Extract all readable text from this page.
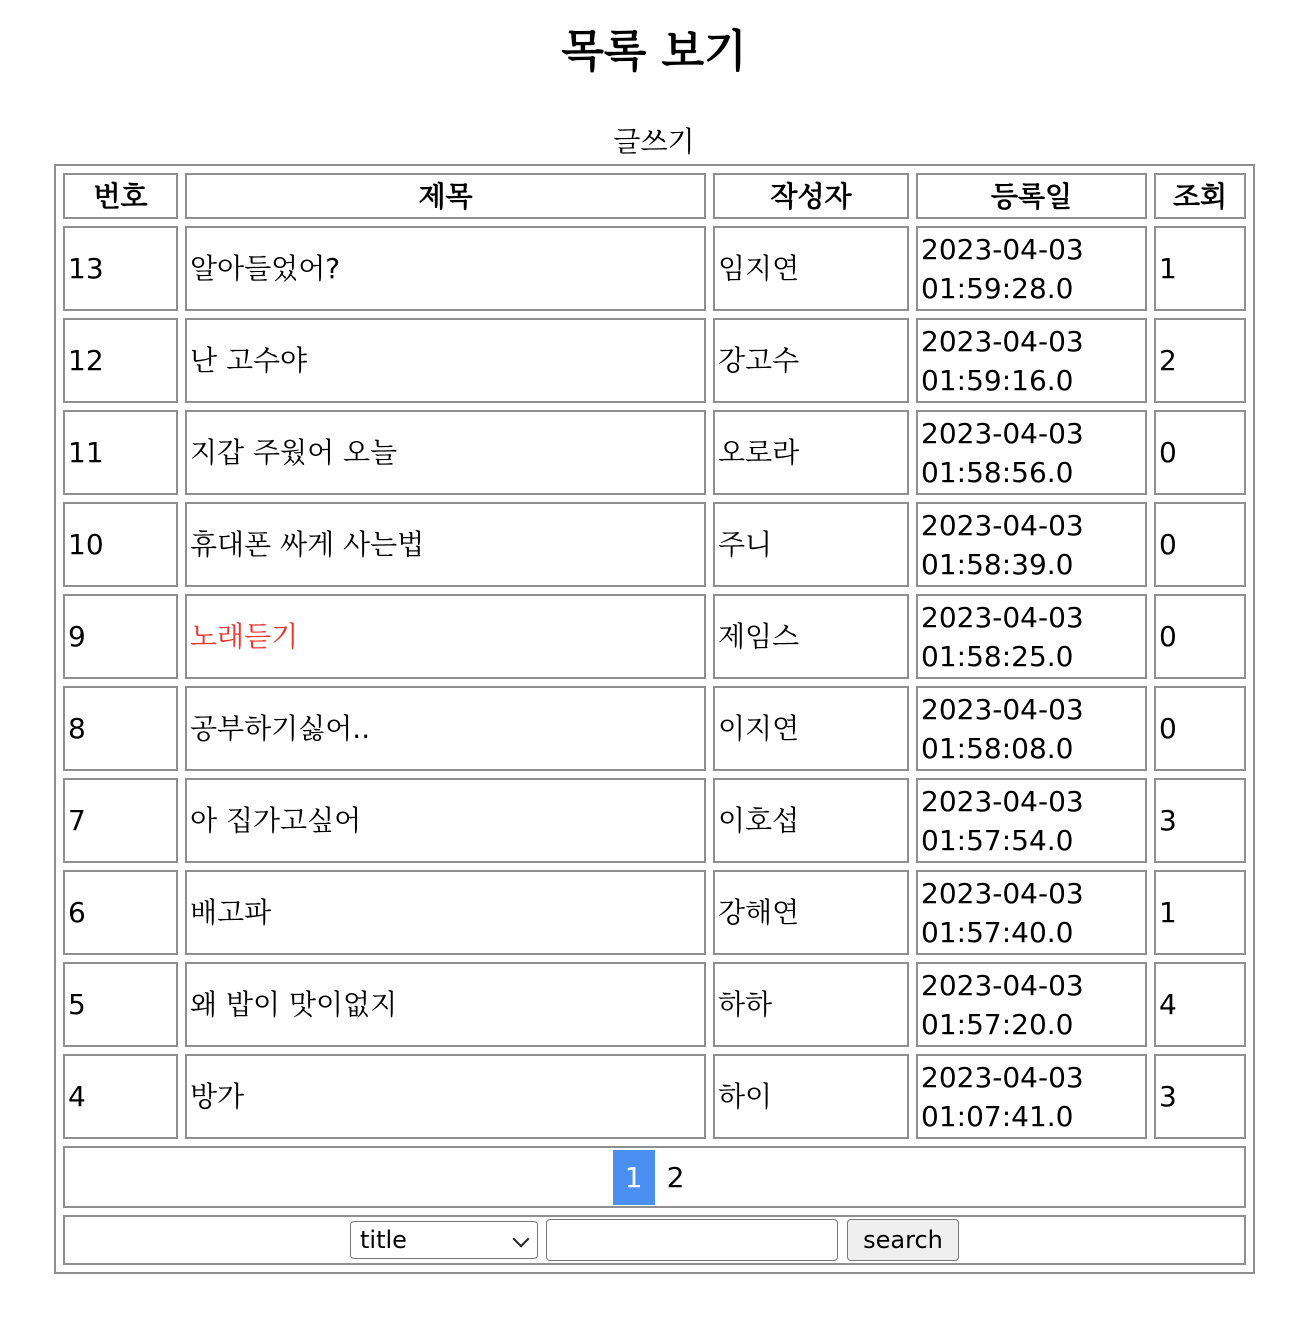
목록 보기
글쓰기
번호	제목	작성자	등록일	조회
13	알아들었어?	임지연	2023-04-03 01:59:28.0	1
12	난 고수야	강고수	2023-04-03 01:59:16.0	2
11	지갑 주웠어 오늘	오로라	2023-04-03 01:58:56.0	0
10	휴대폰 싸게 사는법	주니	2023-04-03 01:58:39.0	0
9	노래듣기	제임스	2023-04-03 01:58:25.0	0
8	공부하기싫어..	이지연	2023-04-03 01:58:08.0	0
7	아 집가고싶어	이호섭	2023-04-03 01:57:54.0	3
6	배고파	강해연	2023-04-03 01:57:40.0	1
5	왜 밥이 맛이없지	하하	2023-04-03 01:57:20.0	4
4	방가	하이	2023-04-03 01:07:41.0	3
1 2				
title search				
